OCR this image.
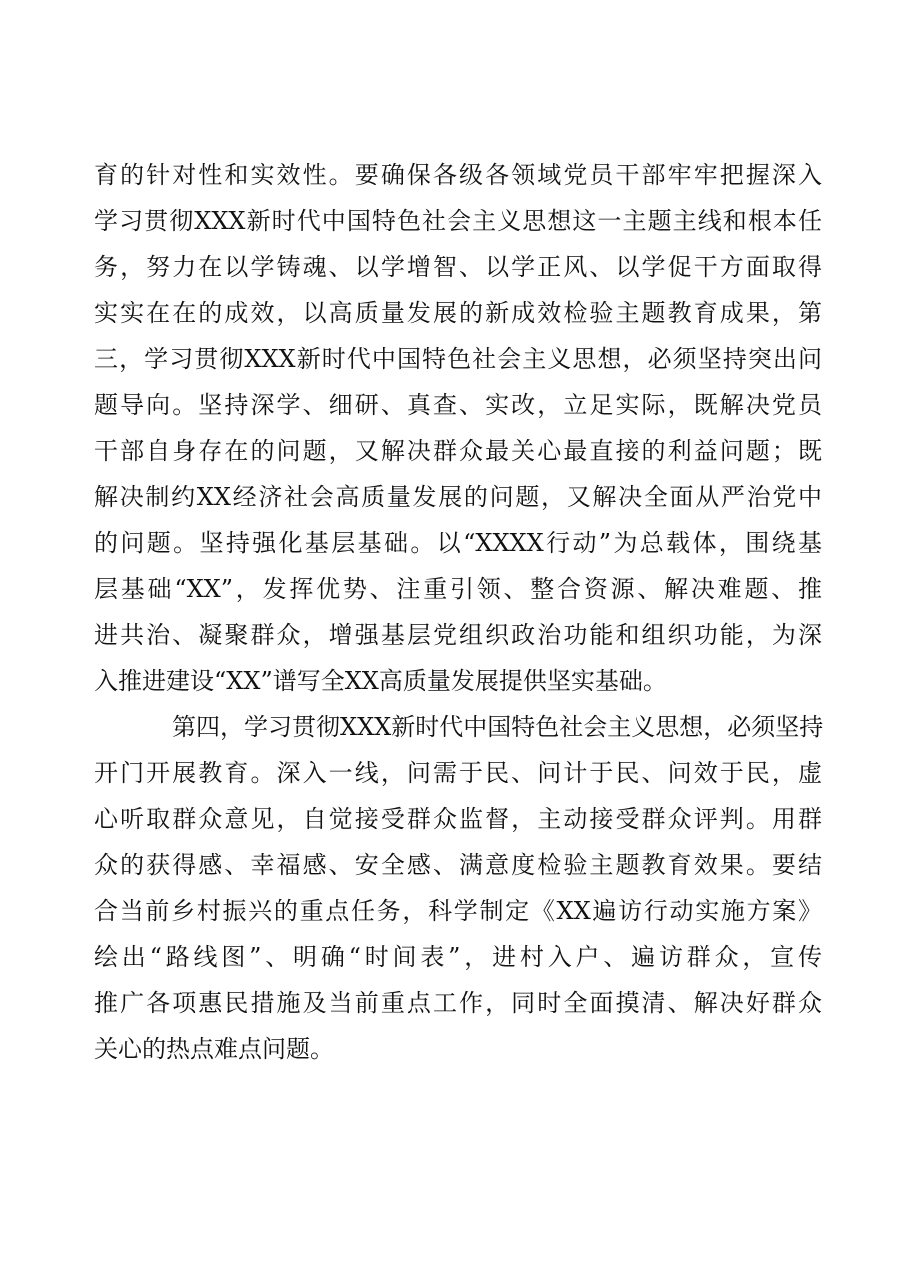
育的针对性和实效性。要确保各级各领域党员干部牢牢把握深入
学习贯彻XXX新时代中国特色社会主义思想这一主题主线和根本任
务，努力在以学铸魂、以学增智、以学正风、以学促干方面取得
实实在在的成效，以高质量发展的新成效检验主题教育成果，第
三，学习贯彻XXX新时代中国特色社会主义思想，必须坚持突出问
题导向。坚持深学、细研、真查、实改，立足实际，既解决党员
干部自身存在的问题，又解决群众最关心最直接的利益问题；既
解决制约XX经济社会高质量发展的问题，又解决全面从严治党中
的问题。坚持强化基层基础。以“XXXX行动”为总载体，围绕基
层基础“XX”，发挥优势、注重引领、整合资源、解决难题、推
进共治、凝聚群众，增强基层党组织政治功能和组织功能，为深
入推进建设“XX”谱写全XX高质量发展提供坚实基础。
第四，学习贯彻XXX新时代中国特色社会主义思想，必须坚持
开门开展教育。深入一线，问需于民、问计于民、问效于民，虚
心听取群众意见，自觉接受群众监督，主动接受群众评判。用群
众的获得感、幸福感、安全感、满意度检验主题教育效果。要结
合当前乡村振兴的重点任务，科学制定《XX遍访行动实施方案》
绘出“路线图”、明确“时间表”，进村入户、遍访群众，宣传
推广各项惠民措施及当前重点工作，同时全面摸清、解决好群众
关心的热点难点问题。
